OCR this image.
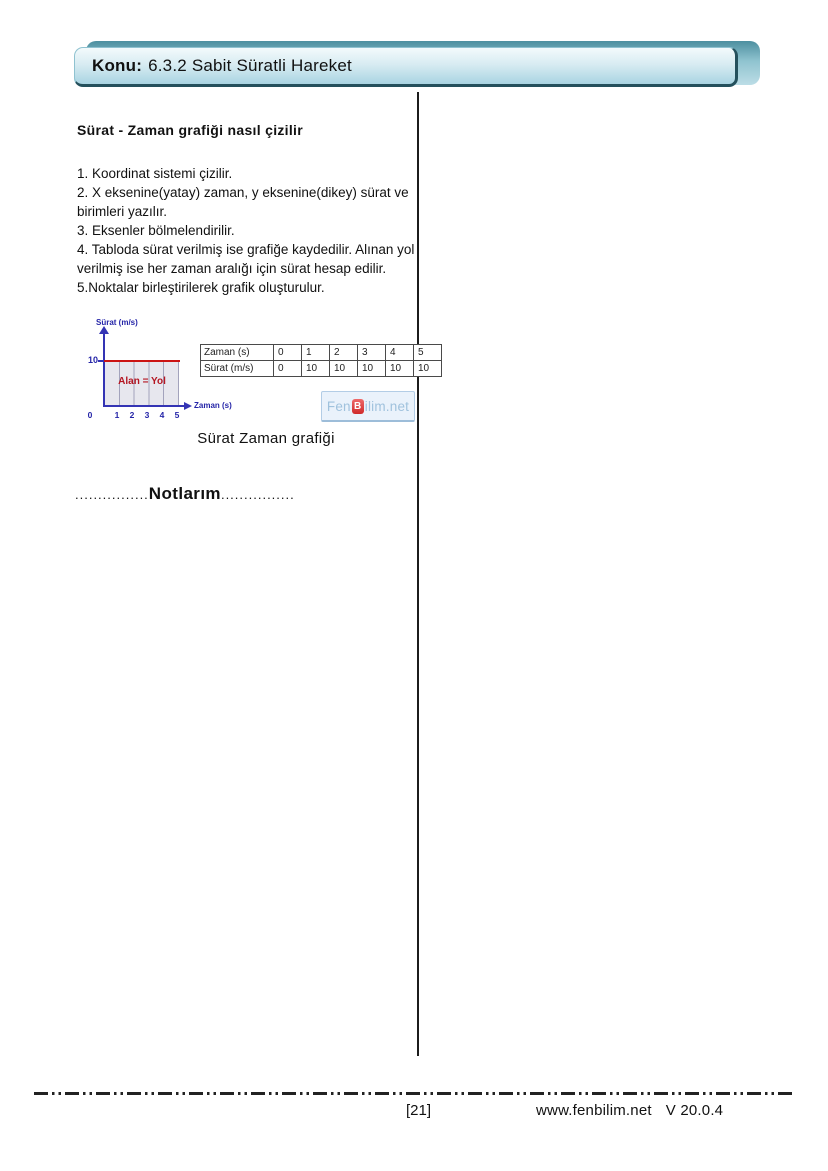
Konu: 6.3.2 Sabit Süratli Hareket
Sürat - Zaman grafiği nasıl çizilir
1. Koordinat sistemi çizilir.
2. X eksenine(yatay) zaman, y eksenine(dikey) sürat ve birimleri yazılır.
3. Eksenler bölmelendirilir.
4. Tabloda sürat verilmiş ise grafiğe kaydedilir. Alınan yol verilmiş ise her zaman aralığı için sürat hesap edilir.
5.Noktalar birleştirilerek grafik oluşturulur.
Sürat (m/s)
10
Alan = Yol
Zaman (s)
0	1	2	3	4	5
Zaman (s)	0	1	2	3	4	5
Sürat (m/s)	0	10	10	10	10	10
Fen B ilim.net
Sürat Zaman grafiği
................Notlarım................
[21]	www.fenbilim.net V 20.0.4
